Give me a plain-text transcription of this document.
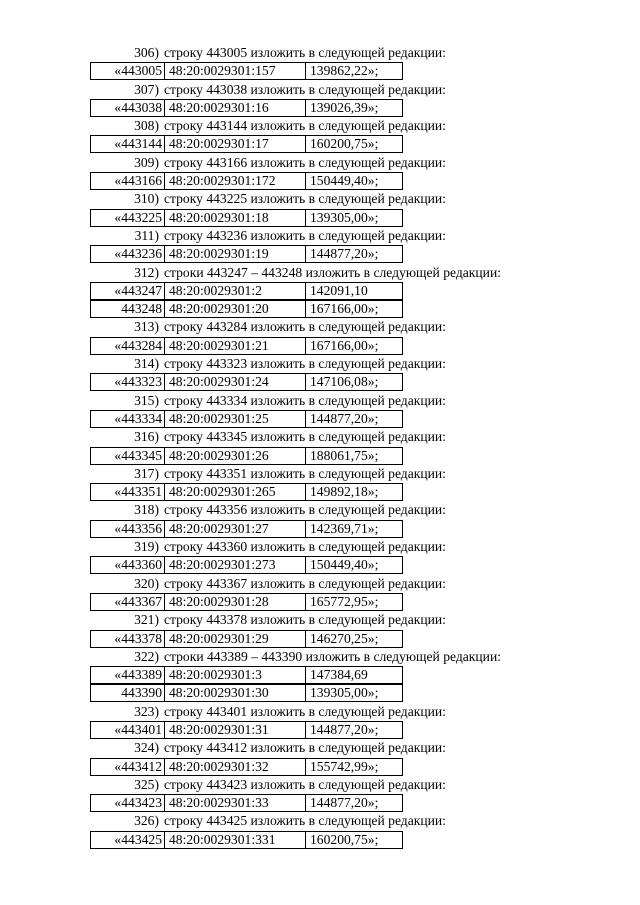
306) строку 443005 изложить в следующей редакции:
«443005	48:20:0029301:157	139862,22»;
307) строку 443038 изложить в следующей редакции:
«443038	48:20:0029301:16	139026,39»;
308) строку 443144 изложить в следующей редакции:
«443144	48:20:0029301:17	160200,75»;
309) строку 443166 изложить в следующей редакции:
«443166	48:20:0029301:172	150449,40»;
310) строку 443225 изложить в следующей редакции:
«443225	48:20:0029301:18	139305,00»;
311) строку 443236 изложить в следующей редакции:
«443236	48:20:0029301:19	144877,20»;
312) строки 443247 – 443248 изложить в следующей редакции:
«443247	48:20:0029301:2	142091,10
443248	48:20:0029301:20	167166,00»;
313) строку 443284 изложить в следующей редакции:
«443284	48:20:0029301:21	167166,00»;
314) строку 443323 изложить в следующей редакции:
«443323	48:20:0029301:24	147106,08»;
315) строку 443334 изложить в следующей редакции:
«443334	48:20:0029301:25	144877,20»;
316) строку 443345 изложить в следующей редакции:
«443345	48:20:0029301:26	188061,75»;
317) строку 443351 изложить в следующей редакции:
«443351	48:20:0029301:265	149892,18»;
318) строку 443356 изложить в следующей редакции:
«443356	48:20:0029301:27	142369,71»;
319) строку 443360 изложить в следующей редакции:
«443360	48:20:0029301:273	150449,40»;
320) строку 443367 изложить в следующей редакции:
«443367	48:20:0029301:28	165772,95»;
321) строку 443378 изложить в следующей редакции:
«443378	48:20:0029301:29	146270,25»;
322) строки 443389 – 443390 изложить в следующей редакции:
«443389	48:20:0029301:3	147384,69
443390	48:20:0029301:30	139305,00»;
323) строку 443401 изложить в следующей редакции:
«443401	48:20:0029301:31	144877,20»;
324) строку 443412 изложить в следующей редакции:
«443412	48:20:0029301:32	155742,99»;
325) строку 443423 изложить в следующей редакции:
«443423	48:20:0029301:33	144877,20»;
326) строку 443425 изложить в следующей редакции:
«443425	48:20:0029301:331	160200,75»;
